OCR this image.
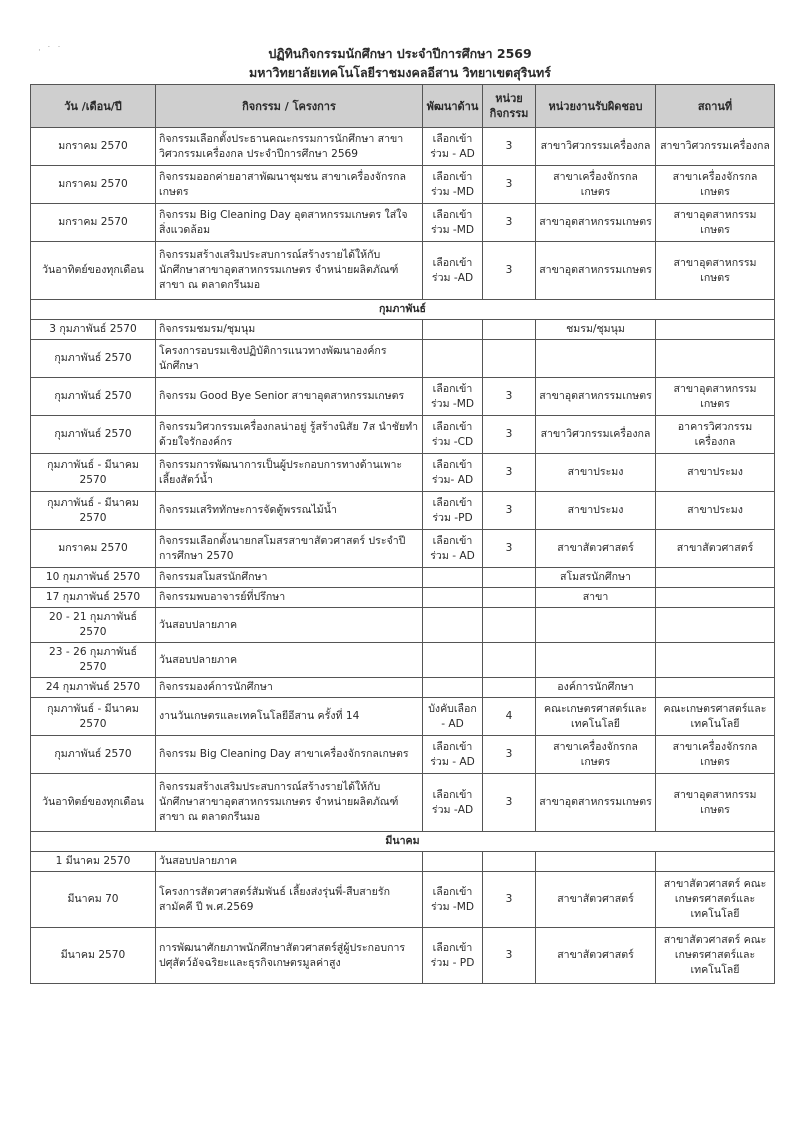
·  ˙  ˙	ปฏิทินกิจกรรมนักศึกษา ประจำปีการศึกษา 2569
มหาวิทยาลัยเทคโนโลยีราชมงคลอีสาน วิทยาเขตสุรินทร์
วัน /เดือน/ปี	กิจกรรม / โครงการ	พัฒนาด้าน	หน่วย กิจกรรม	หน่วยงานรับผิดชอบ	สถานที่
มกราคม 2570	กิจกรรมเลือกตั้งประธานคณะกรรมการนักศึกษา สาขาวิศวกรรมเครื่องกล ประจำปีการศึกษา 2569	เลือกเข้าร่วม - AD	3	สาขาวิศวกรรมเครื่องกล	สาขาวิศวกรรมเครื่องกล
มกราคม 2570	กิจกรรมออกค่ายอาสาพัฒนาชุมชน สาขาเครื่องจักรกลเกษตร	เลือกเข้าร่วม -MD	3	สาขาเครื่องจักรกลเกษตร	สาขาเครื่องจักรกลเกษตร
มกราคม 2570	กิจกรรม Big Cleaning Day อุตสาหกรรมเกษตร ใส่ใจสิ่งแวดล้อม	เลือกเข้าร่วม -MD	3	สาขาอุตสาหกรรมเกษตร	สาขาอุตสาหกรรมเกษตร
วันอาทิตย์ของทุกเดือน	กิจกรรมสร้างเสริมประสบการณ์สร้างรายได้ให้กับนักศึกษาสาขาอุตสาหกรรมเกษตร จำหน่ายผลิตภัณฑ์สาขา ณ ตลาดกรีนมอ	เลือกเข้าร่วม -AD	3	สาขาอุตสาหกรรมเกษตร	สาขาอุตสาหกรรมเกษตร
กุมภาพันธ์					
3 กุมภาพันธ์ 2570	กิจกรรมชมรม/ชุมนุม			ชมรม/ชุมนุม	
กุมภาพันธ์ 2570	โครงการอบรมเชิงปฏิบัติการแนวทางพัฒนาองค์กรนักศึกษา				
กุมภาพันธ์ 2570	กิจกรรม Good Bye Senior สาขาอุตสาหกรรมเกษตร	เลือกเข้าร่วม -MD	3	สาขาอุตสาหกรรมเกษตร	สาขาอุตสาหกรรมเกษตร
กุมภาพันธ์ 2570	กิจกรรมวิศวกรรมเครื่องกลน่าอยู่ รู้สร้างนิสัย 7ส นำชัยทำด้วยใจรักองค์กร	เลือกเข้าร่วม -CD	3	สาขาวิศวกรรมเครื่องกล	อาคารวิศวกรรมเครื่องกล
กุมภาพันธ์ - มีนาคม 2570	กิจกรรมการพัฒนาการเป็นผู้ประกอบการทางด้านเพาะเลี้ยงสัตว์น้ำ	เลือกเข้าร่วม- AD	3	สาขาประมง	สาขาประมง
กุมภาพันธ์ - มีนาคม 2570	กิจกรรมเสริททักษะการจัดตู้พรรณไม้น้ำ	เลือกเข้าร่วม -PD	3	สาขาประมง	สาขาประมง
มกราคม 2570	กิจกรรมเลือกตั้งนายกสโมสรสาขาสัตวศาสตร์ ประจำปีการศึกษา 2570	เลือกเข้าร่วม - AD	3	สาขาสัตวศาสตร์	สาขาสัตวศาสตร์
10 กุมภาพันธ์ 2570	กิจกรรมสโมสรนักศึกษา			สโมสรนักศึกษา	
17 กุมภาพันธ์ 2570	กิจกรรมพบอาจารย์ที่ปรึกษา			สาขา	
20 - 21 กุมภาพันธ์ 2570	วันสอบปลายภาค				
23 - 26 กุมภาพันธ์ 2570	วันสอบปลายภาค				
24 กุมภาพันธ์ 2570	กิจกรรมองค์การนักศึกษา			องค์การนักศึกษา	
กุมภาพันธ์ - มีนาคม 2570	งานวันเกษตรและเทคโนโลยีอีสาน ครั้งที่ 14	บังคับเลือก - AD	4	คณะเกษตรศาสตร์และเทคโนโลยี	คณะเกษตรศาสตร์และเทคโนโลยี
กุมภาพันธ์ 2570	กิจกรรม Big Cleaning Day สาขาเครื่องจักรกลเกษตร	เลือกเข้าร่วม - AD	3	สาขาเครื่องจักรกลเกษตร	สาขาเครื่องจักรกลเกษตร
วันอาทิตย์ของทุกเดือน	กิจกรรมสร้างเสริมประสบการณ์สร้างรายได้ให้กับนักศึกษาสาขาอุตสาหกรรมเกษตร จำหน่ายผลิตภัณฑ์สาขา ณ ตลาดกรีนมอ	เลือกเข้าร่วม -AD	3	สาขาอุตสาหกรรมเกษตร	สาขาอุตสาหกรรมเกษตร
มีนาคม					
1 มีนาคม 2570	วันสอบปลายภาค				
มีนาคม 70	โครงการสัตวศาสตร์สัมพันธ์ เลี้ยงส่งรุ่นพี่-สืบสายรักสามัคคี ปี พ.ศ.2569	เลือกเข้าร่วม -MD	3	สาขาสัตวศาสตร์	สาขาสัตวศาสตร์ คณะเกษตรศาสตร์และเทคโนโลยี
มีนาคม 2570	การพัฒนาศักยภาพนักศึกษาสัตวศาสตร์สู่ผู้ประกอบการปศุสัตว์อัจฉริยะและธุรกิจเกษตรมูลค่าสูง	เลือกเข้าร่วม - PD	3	สาขาสัตวศาสตร์	สาขาสัตวศาสตร์ คณะเกษตรศาสตร์และเทคโนโลยี
